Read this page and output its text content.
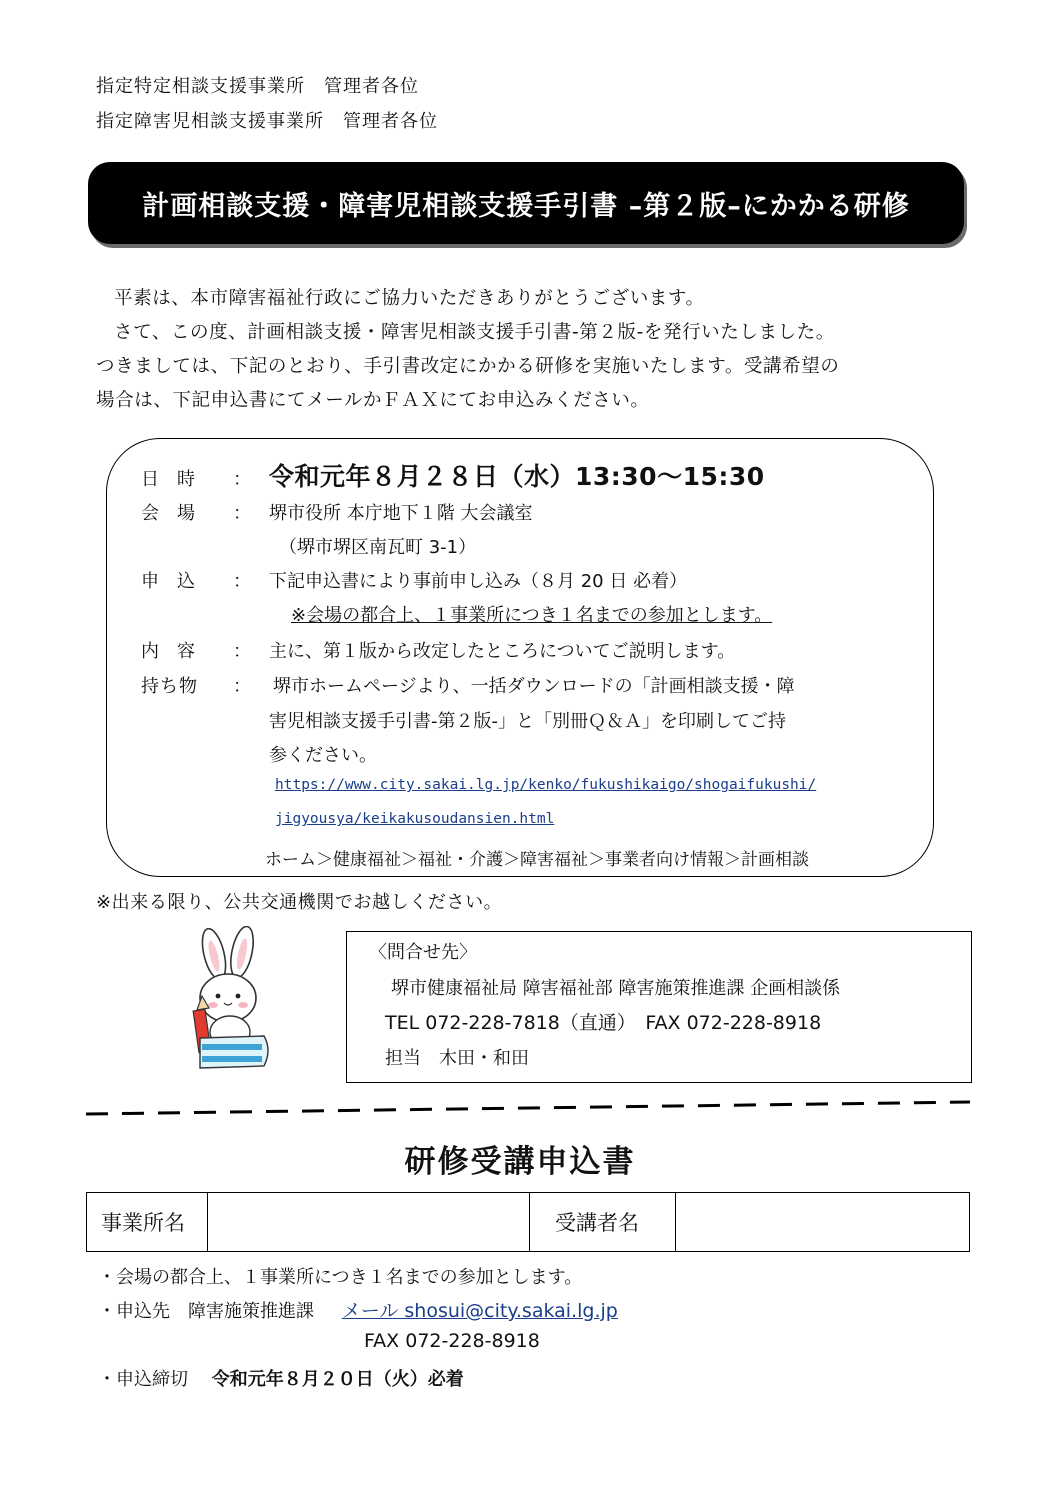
指定特定相談支援事業所　管理者各位
指定障害児相談支援事業所　管理者各位
計画相談支援・障害児相談支援手引書 –第２版–にかかる研修

平素は、本市障害福祉行政にご協力いただきありがとうございます。

さて、この度、計画相談支援・障害児相談支援手引書-第２版-を発行いたしました。

つきましては、下記のとおり、手引書改定にかかる研修を実施いたします。受講希望の

場合は、下記申込書にてメールかＦＡＸにてお申込みください。

日時 ： 令和元年８月２８日（水）13:30～15:30
会場 ： 堺市役所 本庁地下１階 大会議室
（堺市堺区南瓦町 3-1）
申込 ： 下記申込書により事前申し込み（８月 20 日 必着）
※会場の都合上、１事業所につき１名までの参加とします。
内容 ： 主に、第１版から改定したところについてご説明します。
持ち物 ： 堺市ホームページより、一括ダウンロードの「計画相談支援・障
害児相談支援手引書-第２版-」と「別冊Ｑ＆Ａ」を印刷してご持
参ください。
https://www.city.sakai.lg.jp/kenko/fukushikaigo/shogaifukushi/
jigyousya/keikakusoudansien.html
ホーム＞健康福祉＞福祉・介護＞障害福祉＞事業者向け情報＞計画相談
※出来る限り、公共交通機関でお越しください。
〈問合せ先〉
堺市健康福祉局 障害福祉部 障害施策推進課 企画相談係
TEL 072-228-7818（直通）　FAX 072-228-8918
担当　木田・和田
研修受講申込書
事業所名	受講者名
・会場の都合上、１事業所につき１名までの参加とします。
・申込先　障害施策推進課 メール shosui@city.sakai.lg.jp
FAX 072-228-8918
・申込締切 令和元年８月２０日（火）必着
